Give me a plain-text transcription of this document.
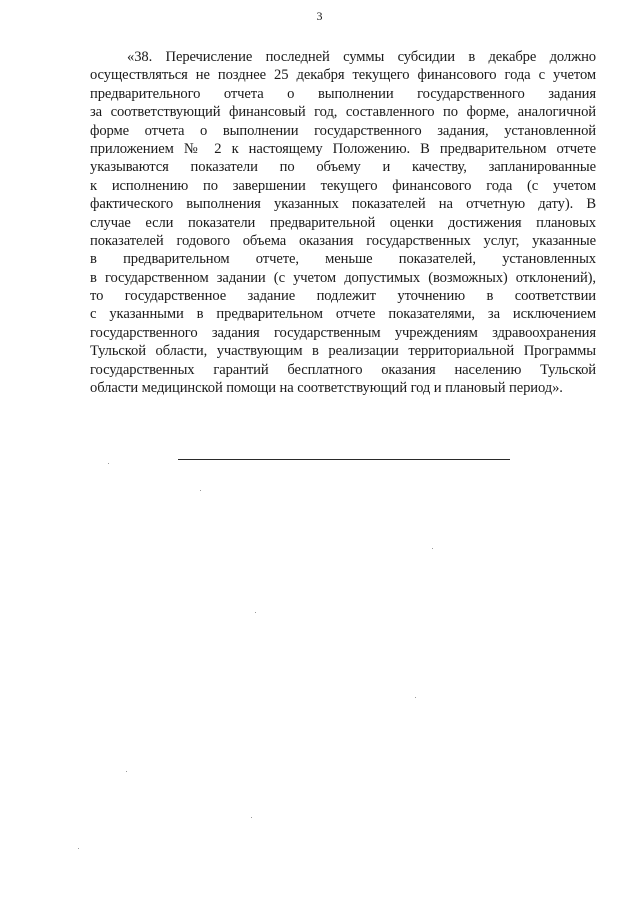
3
«38. Перечисление последней суммы субсидии в декабре должно
осуществляться не позднее 25 декабря текущего финансового года с учетом
предварительного отчета о выполнении государственного задания
за соответствующий финансовый год, составленного по форме, аналогичной
форме отчета о выполнении государственного задания, установленной
приложением № 2 к настоящему Положению. В предварительном отчете
указываются показатели по объему и качеству, запланированные
к исполнению по завершении текущего финансового года (с учетом
фактического выполнения указанных показателей на отчетную дату). В
случае если показатели предварительной оценки достижения плановых
показателей годового объема оказания государственных услуг, указанные
в предварительном отчете, меньше показателей, установленных
в государственном задании (с учетом допустимых (возможных) отклонений),
то государственное задание подлежит уточнению в соответствии
с указанными в предварительном отчете показателями, за исключением
государственного задания государственным учреждениям здравоохранения
Тульской области, участвующим в реализации территориальной Программы
государственных гарантий бесплатного оказания населению Тульской
области медицинской помощи на соответствующий год и плановый период».
